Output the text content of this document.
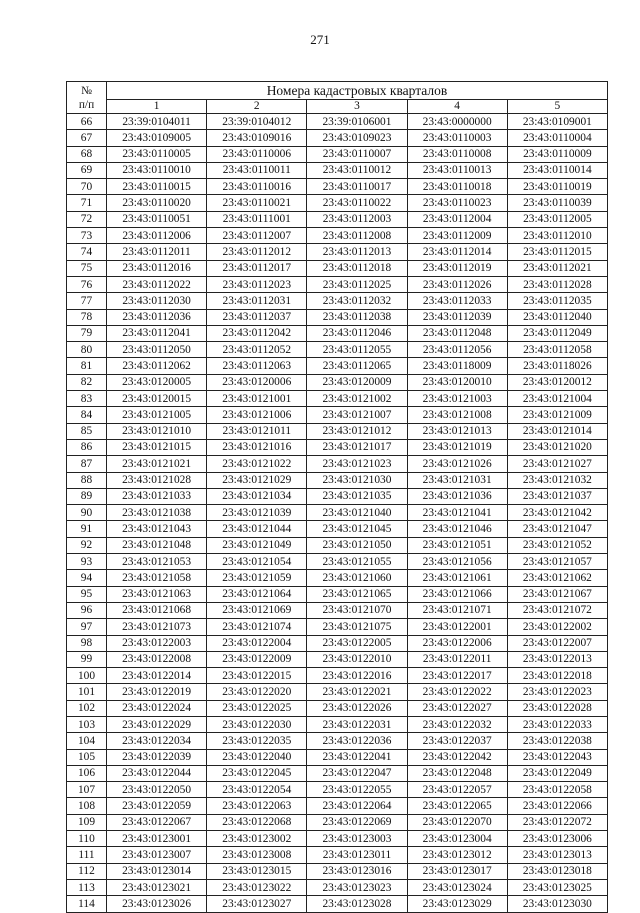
271
№
п/п	Номера кадастровых кварталов				
	1	2	3	4	5
66	23:39:0104011	23:39:0104012	23:39:0106001	23:43:0000000	23:43:0109001
67	23:43:0109005	23:43:0109016	23:43:0109023	23:43:0110003	23:43:0110004
68	23:43:0110005	23:43:0110006	23:43:0110007	23:43:0110008	23:43:0110009
69	23:43:0110010	23:43:0110011	23:43:0110012	23:43:0110013	23:43:0110014
70	23:43:0110015	23:43:0110016	23:43:0110017	23:43:0110018	23:43:0110019
71	23:43:0110020	23:43:0110021	23:43:0110022	23:43:0110023	23:43:0110039
72	23:43:0110051	23:43:0111001	23:43:0112003	23:43:0112004	23:43:0112005
73	23:43:0112006	23:43:0112007	23:43:0112008	23:43:0112009	23:43:0112010
74	23:43:0112011	23:43:0112012	23:43:0112013	23:43:0112014	23:43:0112015
75	23:43:0112016	23:43:0112017	23:43:0112018	23:43:0112019	23:43:0112021
76	23:43:0112022	23:43:0112023	23:43:0112025	23:43:0112026	23:43:0112028
77	23:43:0112030	23:43:0112031	23:43:0112032	23:43:0112033	23:43:0112035
78	23:43:0112036	23:43:0112037	23:43:0112038	23:43:0112039	23:43:0112040
79	23:43:0112041	23:43:0112042	23:43:0112046	23:43:0112048	23:43:0112049
80	23:43:0112050	23:43:0112052	23:43:0112055	23:43:0112056	23:43:0112058
81	23:43:0112062	23:43:0112063	23:43:0112065	23:43:0118009	23:43:0118026
82	23:43:0120005	23:43:0120006	23:43:0120009	23:43:0120010	23:43:0120012
83	23:43:0120015	23:43:0121001	23:43:0121002	23:43:0121003	23:43:0121004
84	23:43:0121005	23:43:0121006	23:43:0121007	23:43:0121008	23:43:0121009
85	23:43:0121010	23:43:0121011	23:43:0121012	23:43:0121013	23:43:0121014
86	23:43:0121015	23:43:0121016	23:43:0121017	23:43:0121019	23:43:0121020
87	23:43:0121021	23:43:0121022	23:43:0121023	23:43:0121026	23:43:0121027
88	23:43:0121028	23:43:0121029	23:43:0121030	23:43:0121031	23:43:0121032
89	23:43:0121033	23:43:0121034	23:43:0121035	23:43:0121036	23:43:0121037
90	23:43:0121038	23:43:0121039	23:43:0121040	23:43:0121041	23:43:0121042
91	23:43:0121043	23:43:0121044	23:43:0121045	23:43:0121046	23:43:0121047
92	23:43:0121048	23:43:0121049	23:43:0121050	23:43:0121051	23:43:0121052
93	23:43:0121053	23:43:0121054	23:43:0121055	23:43:0121056	23:43:0121057
94	23:43:0121058	23:43:0121059	23:43:0121060	23:43:0121061	23:43:0121062
95	23:43:0121063	23:43:0121064	23:43:0121065	23:43:0121066	23:43:0121067
96	23:43:0121068	23:43:0121069	23:43:0121070	23:43:0121071	23:43:0121072
97	23:43:0121073	23:43:0121074	23:43:0121075	23:43:0122001	23:43:0122002
98	23:43:0122003	23:43:0122004	23:43:0122005	23:43:0122006	23:43:0122007
99	23:43:0122008	23:43:0122009	23:43:0122010	23:43:0122011	23:43:0122013
100	23:43:0122014	23:43:0122015	23:43:0122016	23:43:0122017	23:43:0122018
101	23:43:0122019	23:43:0122020	23:43:0122021	23:43:0122022	23:43:0122023
102	23:43:0122024	23:43:0122025	23:43:0122026	23:43:0122027	23:43:0122028
103	23:43:0122029	23:43:0122030	23:43:0122031	23:43:0122032	23:43:0122033
104	23:43:0122034	23:43:0122035	23:43:0122036	23:43:0122037	23:43:0122038
105	23:43:0122039	23:43:0122040	23:43:0122041	23:43:0122042	23:43:0122043
106	23:43:0122044	23:43:0122045	23:43:0122047	23:43:0122048	23:43:0122049
107	23:43:0122050	23:43:0122054	23:43:0122055	23:43:0122057	23:43:0122058
108	23:43:0122059	23:43:0122063	23:43:0122064	23:43:0122065	23:43:0122066
109	23:43:0122067	23:43:0122068	23:43:0122069	23:43:0122070	23:43:0122072
110	23:43:0123001	23:43:0123002	23:43:0123003	23:43:0123004	23:43:0123006
111	23:43:0123007	23:43:0123008	23:43:0123011	23:43:0123012	23:43:0123013
112	23:43:0123014	23:43:0123015	23:43:0123016	23:43:0123017	23:43:0123018
113	23:43:0123021	23:43:0123022	23:43:0123023	23:43:0123024	23:43:0123025
114	23:43:0123026	23:43:0123027	23:43:0123028	23:43:0123029	23:43:0123030
